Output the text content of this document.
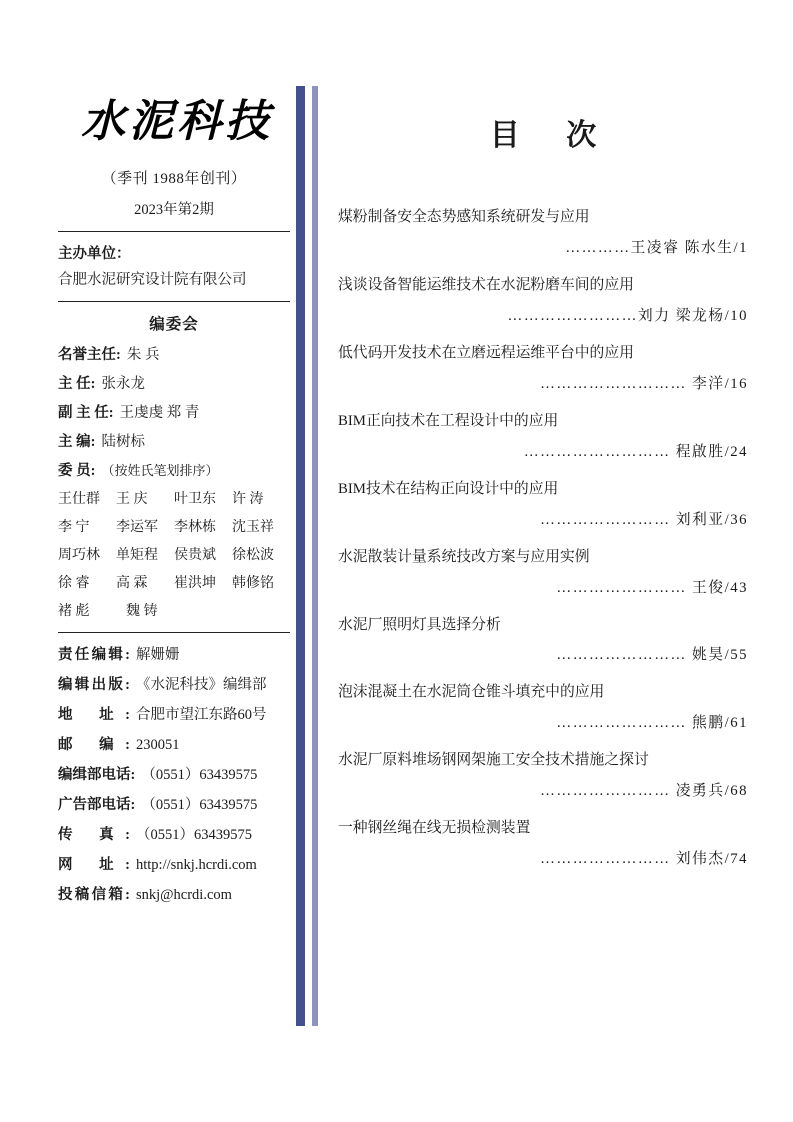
水泥科技
（季刊 1988年创刊）
2023年第2期
主办单位：
合肥水泥研究设计院有限公司
编委会
名誉主任: 朱 兵
主 任: 张永龙
副 主 任: 王虔虔 郑 青
主 编: 陆树标
委 员: （按姓氏笔划排序）
王仕群	王 庆	叶卫东	许 涛
李 宁	李运军	李林栋	沈玉祥
周巧林	单矩程	侯贵斌	徐松波
徐 睿	高 霖	崔洪坤	韩修铭
褚 彪	魏 铸
责任编辑: 解姗姗
编辑出版: 《水泥科技》编缉部
地 址: 合肥市望江东路60号
邮 编: 230051
编缉部电话: （0551）63439575
广告部电话: （0551）63439575
传 真: （0551）63439575
网 址: http://snkj.hcrdi.com
投稿信箱: snkj@hcrdi.com
目 次
煤粉制备安全态势感知系统研发与应用
…………王凌睿 陈水生/1
浅谈设备智能运维技术在水泥粉磨车间的应用
……………………刘力 梁龙杨/10
低代码开发技术在立磨远程运维平台中的应用
……………………… 李洋/16
BIM正向技术在工程设计中的应用
……………………… 程啟胜/24
BIM技术在结构正向设计中的应用
…………………… 刘利亚/36
水泥散装计量系统技改方案与应用实例
…………………… 王俊/43
水泥厂照明灯具选择分析
…………………… 姚昊/55
泡沫混凝土在水泥筒仓锥斗填充中的应用
…………………… 熊鹏/61
水泥厂原料堆场钢网架施工安全技术措施之探讨
…………………… 凌勇兵/68
一种钢丝绳在线无损检测装置
…………………… 刘伟杰/74
